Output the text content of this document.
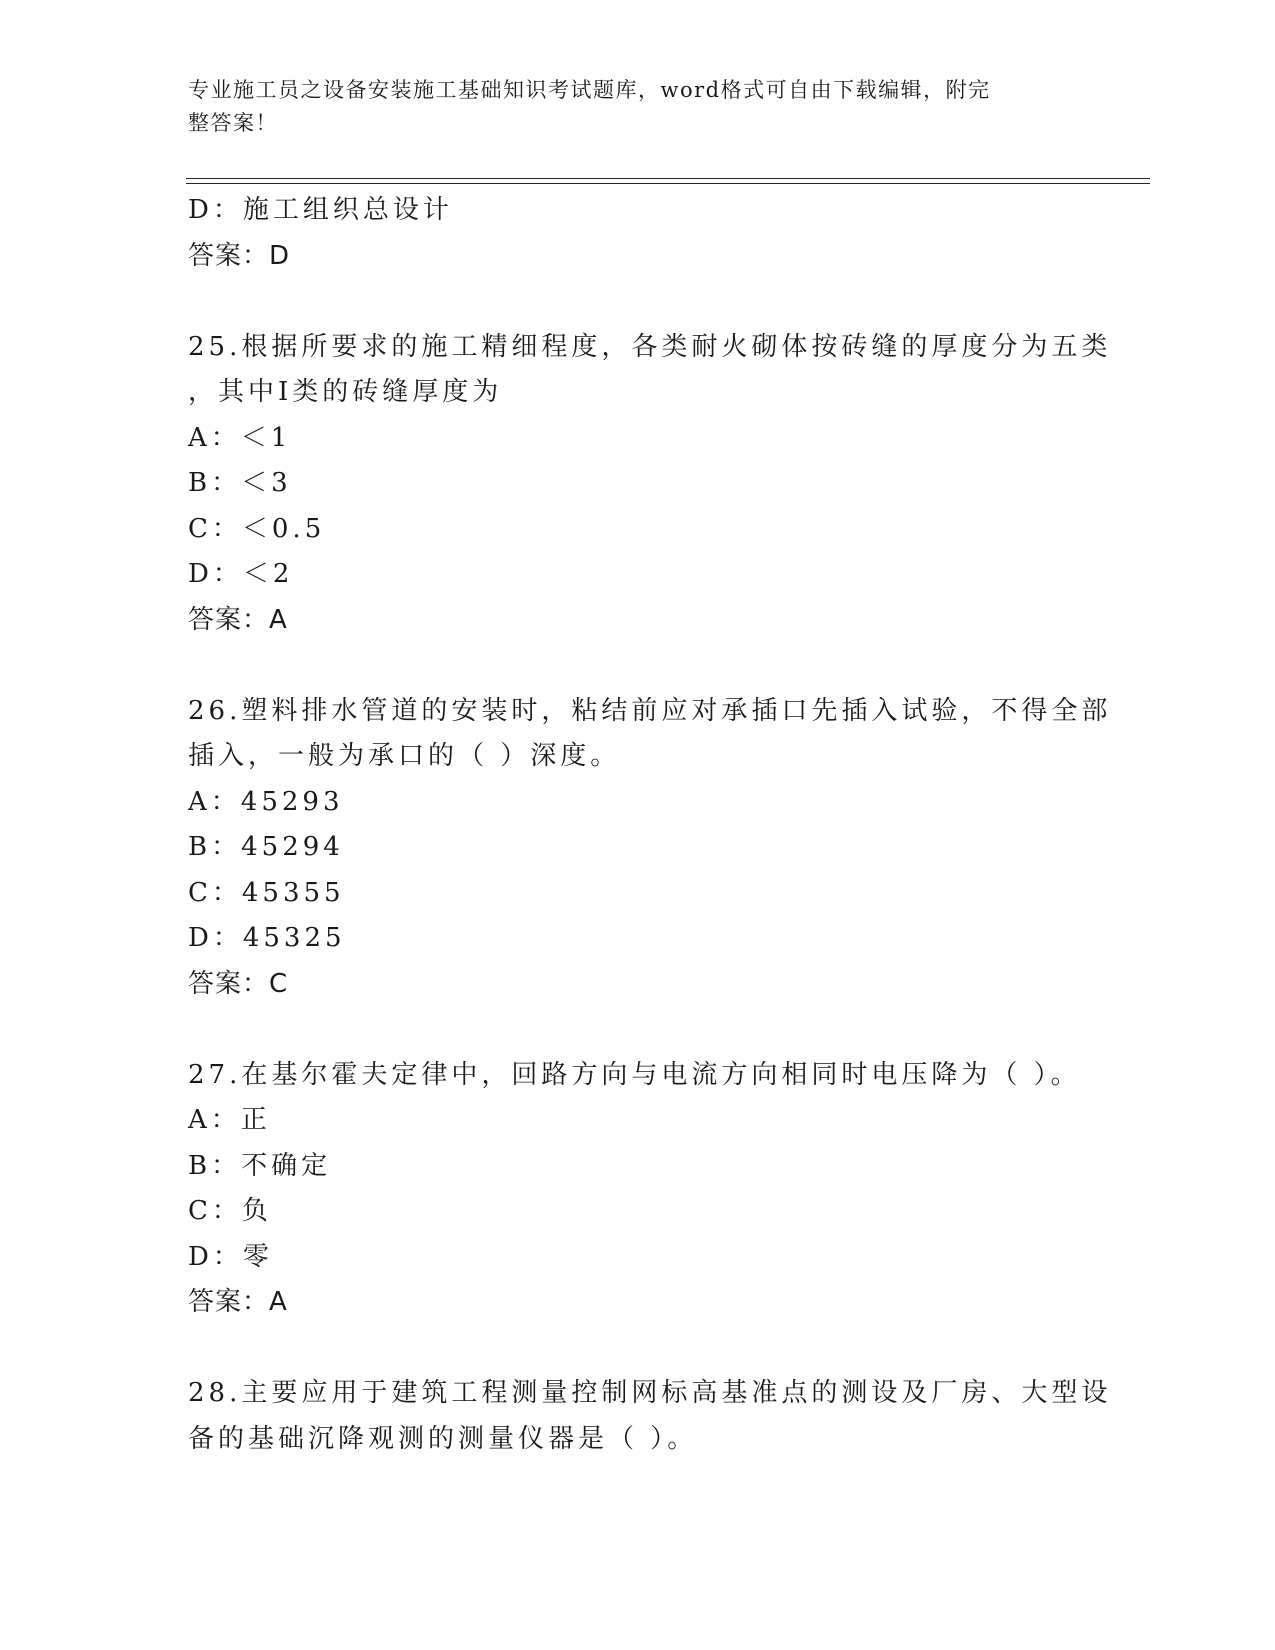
专业施工员之设备安装施工基础知识考试题库，word格式可自由下载编辑，附完
整答案！
D：施工组织总设计
答案：D
25.根据所要求的施工精细程度，各类耐火砌体按砖缝的厚度分为五类
，其中Ⅰ类的砖缝厚度为
A：＜1
B：＜3
C：＜0.5
D：＜2
答案：A
26.塑料排水管道的安装时，粘结前应对承插口先插入试验，不得全部
插入，一般为承口的（ ）深度。
A：45293
B：45294
C：45355
D：45325
答案：C
27.在基尔霍夫定律中，回路方向与电流方向相同时电压降为（ ）。
A：正
B：不确定
C：负
D：零
答案：A
28.主要应用于建筑工程测量控制网标高基准点的测设及厂房、大型设
备的基础沉降观测的测量仪器是（ ）。
